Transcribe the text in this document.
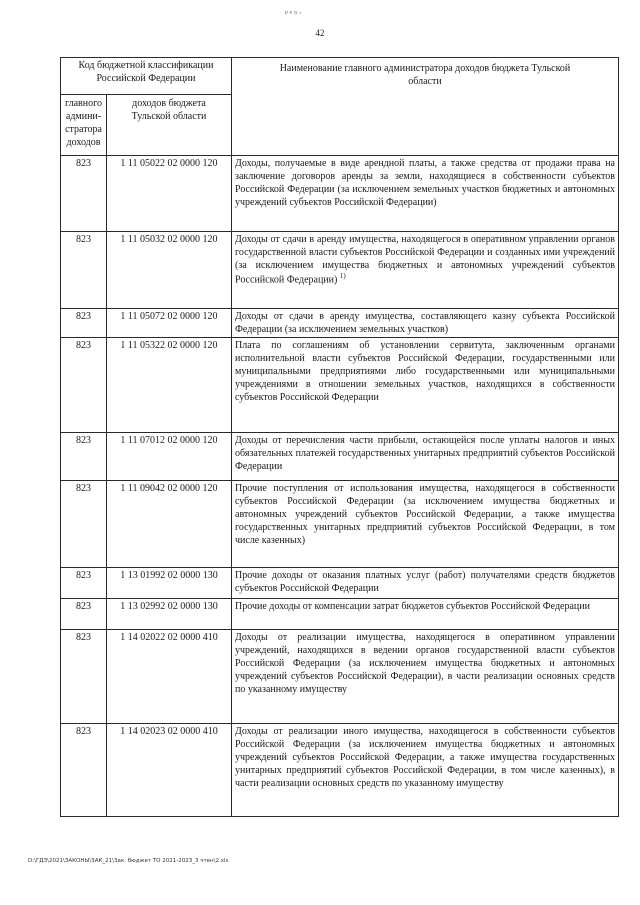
ᵖᵉᵑ·
42
Код бюджетной классификации Российской Федерации		Наименование главного администратора доходов бюджета Тульской области
главного админи-стратора доходов	доходов бюджета Тульской области	
823	1 11 05022 02 0000 120	Доходы, получаемые в виде арендной платы, а также средства от продажи права на заключение договоров аренды за земли, находящиеся в собственности субъектов Российской Федерации (за исключением земельных участков бюджетных и автономных учреждений субъектов Российской Федерации)
823	1 11 05032 02 0000 120	Доходы от сдачи в аренду имущества, находящегося в оперативном управлении органов государственной власти субъектов Российской Федерации и созданных ими учреждений (за исключением имущества бюджетных и автономных учреждений субъектов Российской Федерации) $^{1)}$
823	1 11 05072 02 0000 120	Доходы от сдачи в аренду имущества, составляющего казну субъекта Российской Федерации (за исключением земельных участков)
823	1 11 05322 02 0000 120	Плата по соглашениям об установлении сервитута, заключенным органами исполнительной власти субъектов Российской Федерации, государственными или муниципальными предприятиями либо государственными или муниципальными учреждениями в отношении земельных участков, находящихся в собственности субъектов Российской Федерации
823	1 11 07012 02 0000 120	Доходы от перечисления части прибыли, остающейся после уплаты налогов и иных обязательных платежей государственных унитарных предприятий субъектов Российской Федерации
823	1 11 09042 02 0000 120	Прочие поступления от использования имущества, находящегося в собственности субъектов Российской Федерации (за исключением имущества бюджетных и автономных учреждений субъектов Российской Федерации, а также имущества государственных унитарных предприятий субъектов Российской Федерации, в том числе казенных)
823	1 13 01992 02 0000 130	Прочие доходы от оказания платных услуг (работ) получателями средств бюджетов субъектов Российской Федерации
823	1 13 02992 02 0000 130	Прочие доходы от компенсации затрат бюджетов субъектов Российской Федерации
823	1 14 02022 02 0000 410	Доходы от реализации имущества, находящегося в оперативном управлении учреждений, находящихся в ведении органов государственной власти субъектов Российской Федерации (за исключением имущества бюджетных и автономных учреждений субъектов Российской Федерации), в части реализации основных средств по указанному имуществу
823	1 14 02023 02 0000 410	Доходы от реализации иного имущества, находящегося в собственности субъектов Российской Федерации (за исключением имущества бюджетных и автономных учреждений субъектов Российской Федерации, а также имущества государственных унитарных предприятий субъектов Российской Федерации, в том числе казенных), в части реализации основных средств по указанному имуществу
D:\ГДЗ\2021\ЗАКОНЫ\ЗАК_21\Зак. бюджет ТО 2021-2023_3 чтен\2.xls
